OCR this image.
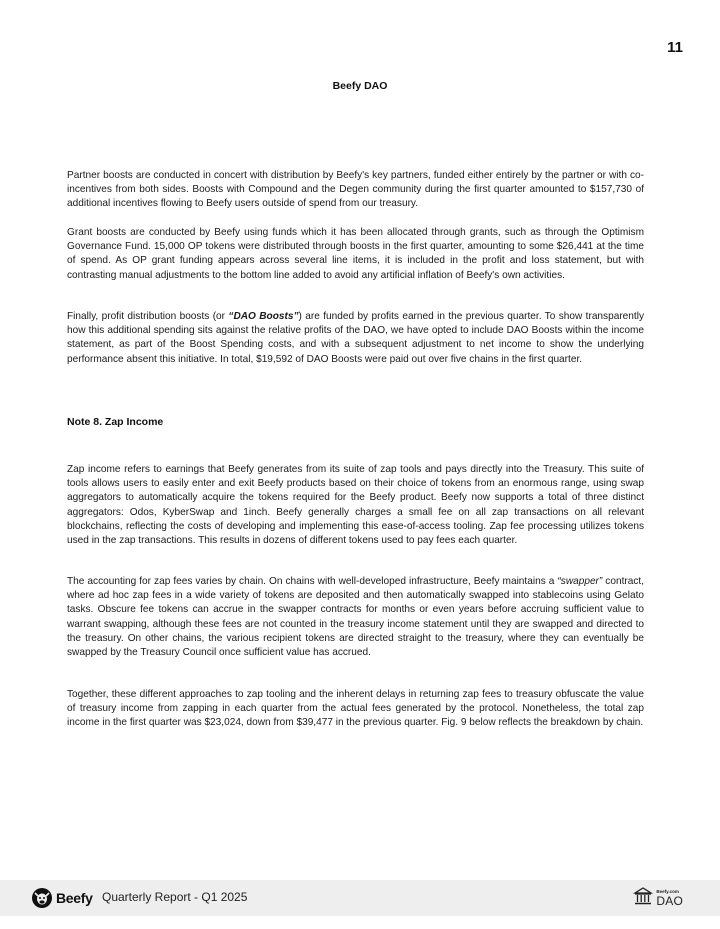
11
Beefy DAO

Partner boosts are conducted in concert with distribution by Beefy's key partners, funded either entirely by the partner or with co-incentives from both sides. Boosts with Compound and the Degen community during the first quarter amounted to $157,730 of additional incentives flowing to Beefy users outside of spend from our treasury.

Grant boosts are conducted by Beefy using funds which it has been allocated through grants, such as through the Optimism Governance Fund. 15,000 OP tokens were distributed through boosts in the first quarter, amounting to some $26,441 at the time of spend. As OP grant funding appears across several line items, it is included in the profit and loss statement, but with contrasting manual adjustments to the bottom line added to avoid any artificial inflation of Beefy's own activities.

Finally, profit distribution boosts (or “DAO Boosts”) are funded by profits earned in the previous quarter. To show transparently how this additional spending sits against the relative profits of the DAO, we have opted to include DAO Boosts within the income statement, as part of the Boost Spending costs, and with a subsequent adjustment to net income to show the underlying performance absent this initiative. In total, $19,592 of DAO Boosts were paid out over five chains in the first quarter.

Note 8. Zap Income

Zap income refers to earnings that Beefy generates from its suite of zap tools and pays directly into the Treasury. This suite of tools allows users to easily enter and exit Beefy products based on their choice of tokens from an enormous range, using swap aggregators to automatically acquire the tokens required for the Beefy product. Beefy now supports a total of three distinct aggregators: Odos, KyberSwap and 1inch. Beefy generally charges a small fee on all zap transactions on all relevant blockchains, reflecting the costs of developing and implementing this ease-of-access tooling. Zap fee processing utilizes tokens used in the zap transactions. This results in dozens of different tokens used to pay fees each quarter.

The accounting for zap fees varies by chain. On chains with well-developed infrastructure, Beefy maintains a “swapper” contract, where ad hoc zap fees in a wide variety of tokens are deposited and then automatically swapped into stablecoins using Gelato tasks. Obscure fee tokens can accrue in the swapper contracts for months or even years before accruing sufficient value to warrant swapping, although these fees are not counted in the treasury income statement until they are swapped and directed to the treasury. On other chains, the various recipient tokens are directed straight to the treasury, where they can eventually be swapped by the Treasury Council once sufficient value has accrued.

Together, these different approaches to zap tooling and the inherent delays in returning zap fees to treasury obfuscate the value of treasury income from zapping in each quarter from the actual fees generated by the protocol. Nonetheless, the total zap income in the first quarter was $23,024, down from $39,477 in the previous quarter. Fig. 9 below reflects the breakdown by chain.

Beefy Quarterly Report - Q1 2025	Beefy.com
DAO
